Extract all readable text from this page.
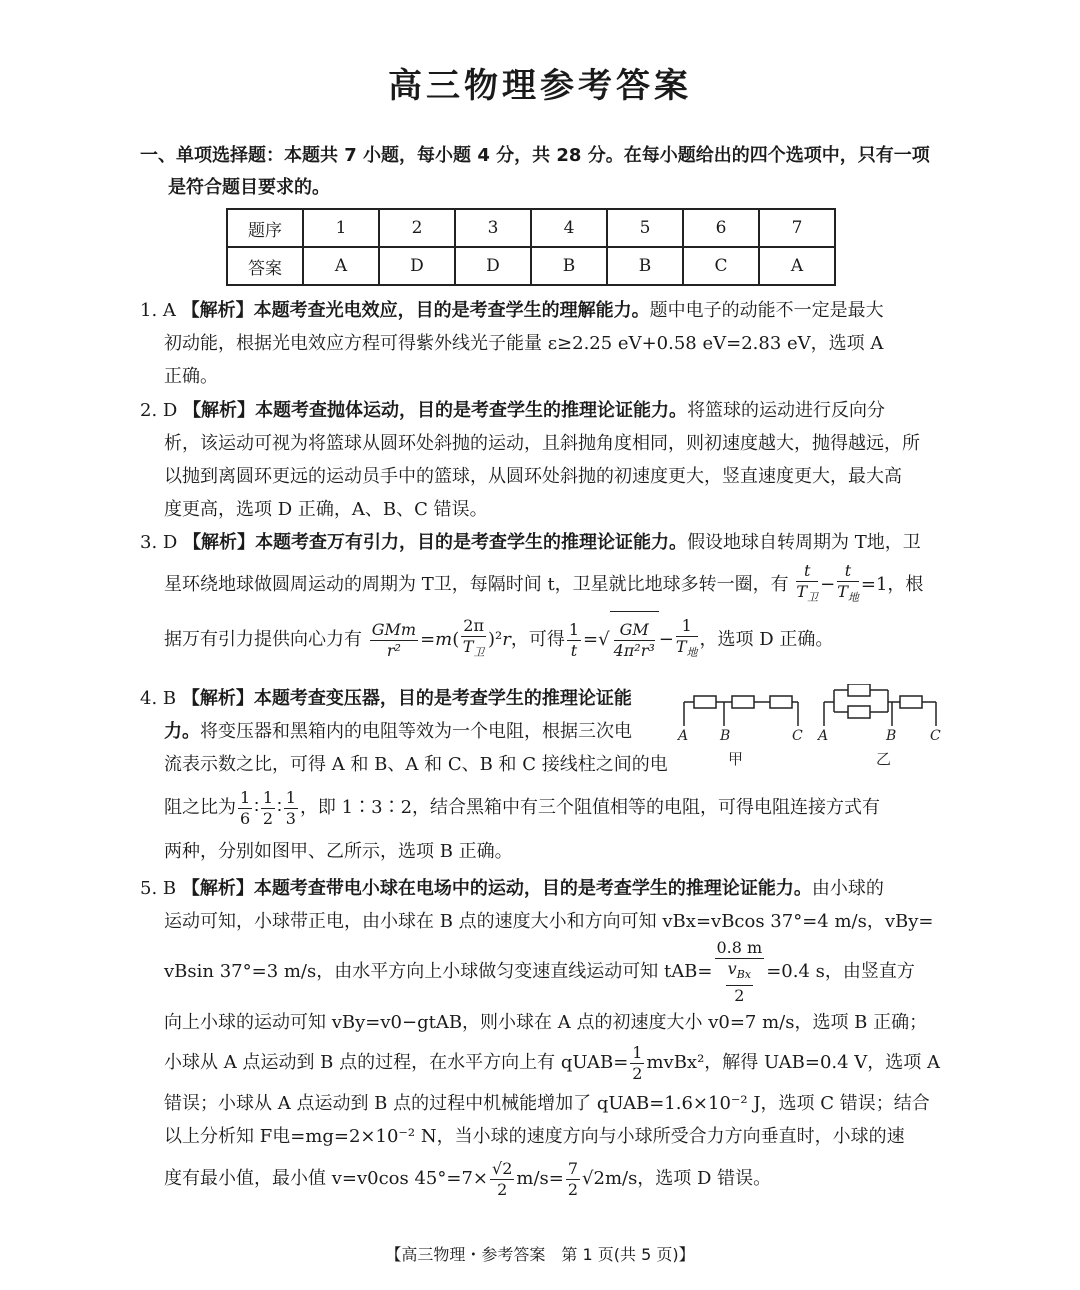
高三物理参考答案
一、单项选择题：本题共 7 小题，每小题 4 分，共 28 分。在每小题给出的四个选项中，只有一项
是符合题目要求的。
题序	1	2	3	4	5	6	7
答案	A	D	D	B	B	C	A
1. A 【解析】本题考查光电效应，目的是考查学生的理解能力。题中电子的动能不一定是最大
初动能，根据光电效应方程可得紫外线光子能量 ε≥2.25 eV+0.58 eV=2.83 eV，选项 A
正确。
2. D 【解析】本题考查抛体运动，目的是考查学生的推理论证能力。将篮球的运动进行反向分
析，该运动可视为将篮球从圆环处斜抛的运动，且斜抛角度相同，则初速度越大，抛得越远，所
以抛到离圆环更远的运动员手中的篮球，从圆环处斜抛的初速度更大，竖直速度更大，最大高
度更高，选项 D 正确，A、B、C 错误。
3. D 【解析】本题考查万有引力，目的是考查学生的推理论证能力。假设地球自转周期为 T地，卫
星环绕地球做圆周运动的周期为 T卫，每隔时间 t，卫星就比地球多转一圈，有 $\frac{t}{T_卫} - \frac{t}{T_地} =1$，根
据万有引力提供向心力有 $\frac{\text{GMm}}{\text{r²}} =m( \frac{2\pi}{T_卫} )^2r$，可得 $\frac{1}{t}$ =√ $\frac{GM}{\text{4π²r³}} - \frac{1}{T_地}$ ，选项 D 正确。
4. B 【解析】本题考查变压器，目的是考查学生的推理论证能
力。将变压器和黑箱内的电阻等效为一个电阻，根据三次电
流表示数之比，可得 A 和 B、A 和 C、B 和 C 接线柱之间的电
阻之比为 $\frac{1}{6}$ ∶ $\frac{1}{2}$ ∶ $\frac{1}{3}$ ，即 1∶3∶2，结合黑箱中有三个阻值相等的电阻，可得电阻连接方式有
两种，分别如图甲、乙所示，选项 B 正确。
A B	C A	B C
甲	乙
5. B 【解析】本题考查带电小球在电场中的运动，目的是考查学生的推理论证能力。由小球的
运动可知，小球带正电，由小球在 B 点的速度大小和方向可知 vBx=vBcos 37°=4 m/s，vBy=
vBsin 37°=3 m/s，由水平方向上小球做匀变速直线运动可知 $tAB= \frac{0.8 m}{\frac{v_{Bx}}{2}} =0.4$ s，由竖直方
向上小球的运动可知 vBy=v0−gtAB，则小球在 A 点的初速度大小 v0=7 m/s，选项 B 正确；
小球从 A 点运动到 B 点的过程，在水平方向上有 qUAB= $\frac{1}{2}$ mvBx²，解得 UAB=0.4 V，选项 A
错误；小球从 A 点运动到 B 点的过程中机械能增加了 qUAB=1.6×10⁻² J，选项 C 错误；结合
以上分析知 F电=mg=2×10⁻² N，当小球的速度方向与小球所受合力方向垂直时，小球的速
度有最小值，最小值 v=v0cos $45^\circ=7\times \frac{√2}{2} m/s= \frac{7}{2} √2m/s$，选项 D 错误。
【高三物理・参考答案　第 1 页(共 5 页)】
